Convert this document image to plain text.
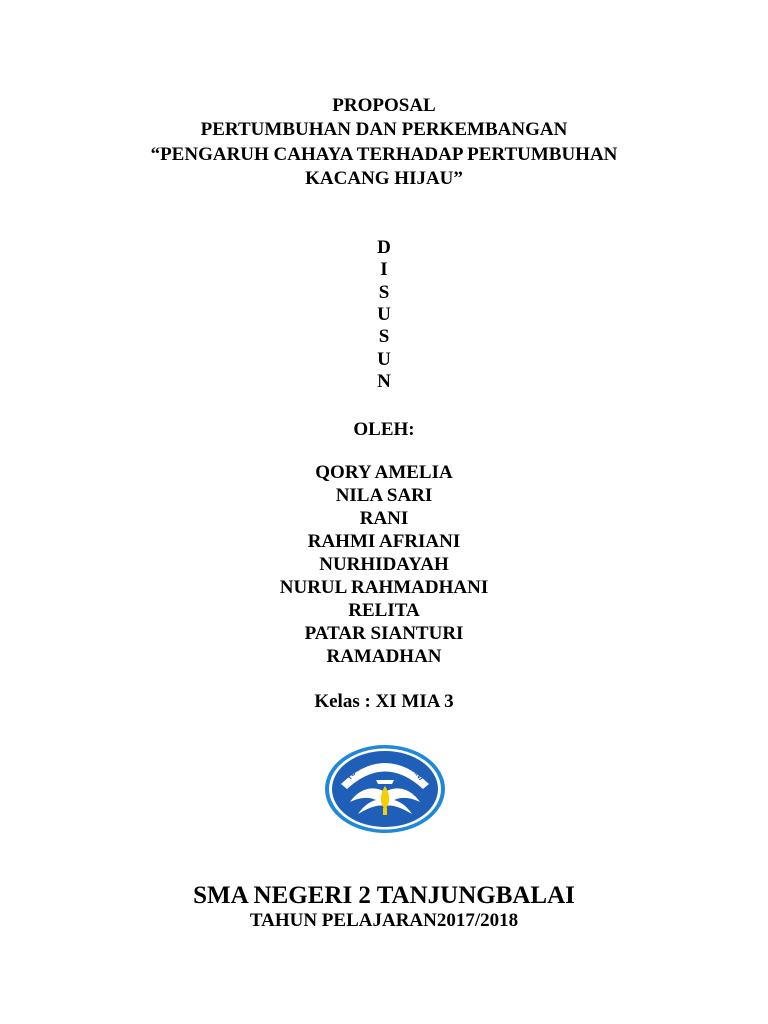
PROPOSAL
PERTUMBUHAN DAN PERKEMBANGAN
“PENGARUH CAHAYA TERHADAP PERTUMBUHAN
KACANG HIJAU”
D
I
S
U
S
U
N
OLEH:
QORY AMELIA
NILA SARI
RANI
RAHMI AFRIANI
NURHIDAYAH
NURUL RAHMADHANI
RELITA
PATAR SIANTURI
RAMADHAN
Kelas : XI MIA 3
TUT WURI HANDAYANI
SMA NEGERI 2 TANJUNGBALAI
TAHUN PELAJARAN2017/2018
